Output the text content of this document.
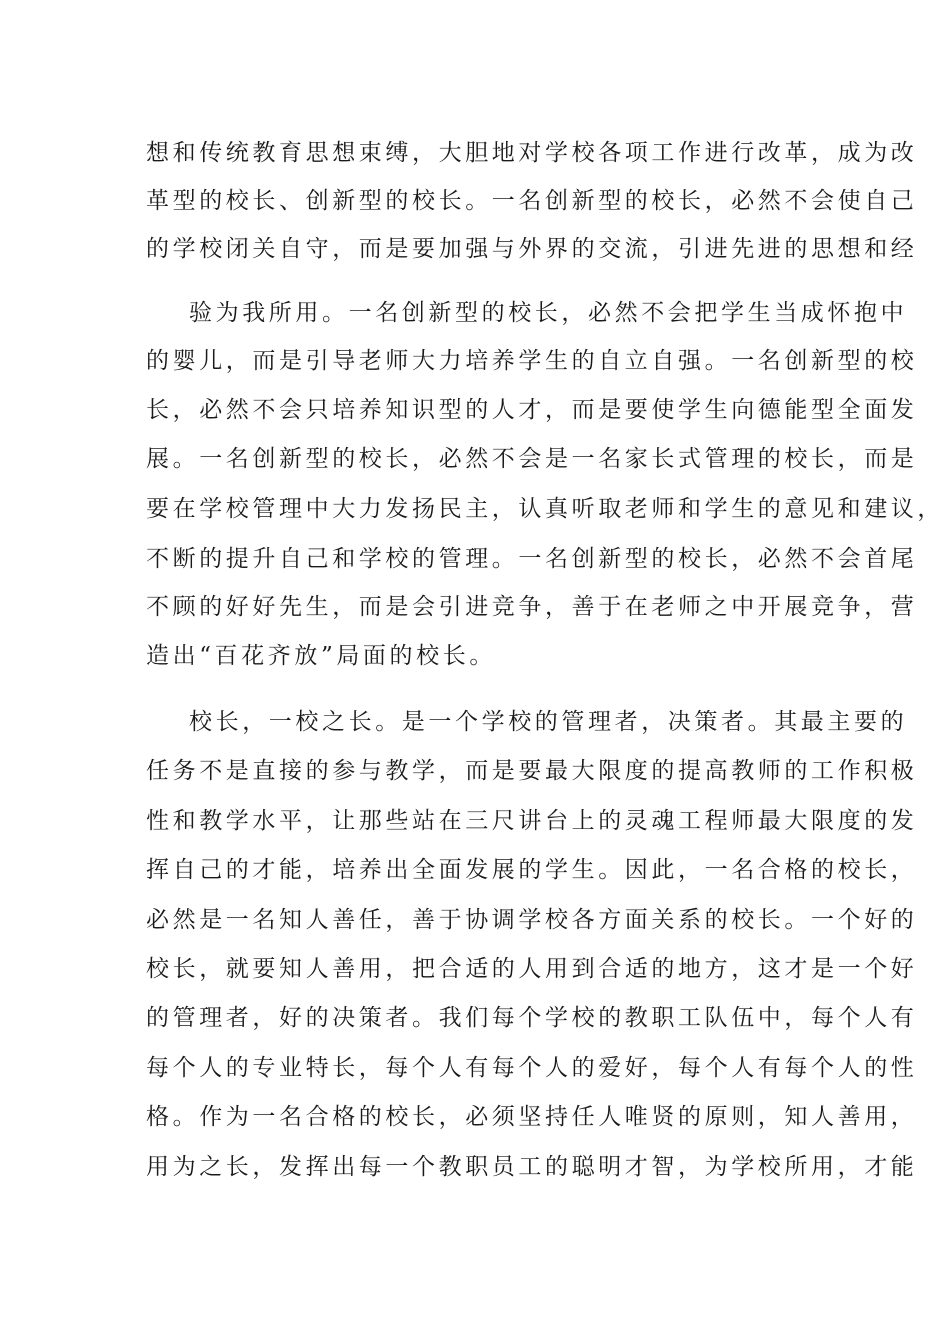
想和传统教育思想束缚，大胆地对学校各项工作进行改革，成为改
革型的校长、创新型的校长。一名创新型的校长，必然不会使自己
的学校闭关自守，而是要加强与外界的交流，引进先进的思想和经
验为我所用。一名创新型的校长，必然不会把学生当成怀抱中
的婴儿，而是引导老师大力培养学生的自立自强。一名创新型的校
长，必然不会只培养知识型的人才，而是要使学生向德能型全面发
展。一名创新型的校长，必然不会是一名家长式管理的校长，而是
要在学校管理中大力发扬民主，认真听取老师和学生的意见和建议，
不断的提升自己和学校的管理。一名创新型的校长，必然不会首尾
不顾的好好先生，而是会引进竞争，善于在老师之中开展竞争，营
造出“百花齐放”局面的校长。
校长，一校之长。是一个学校的管理者，决策者。其最主要的
任务不是直接的参与教学，而是要最大限度的提高教师的工作积极
性和教学水平，让那些站在三尺讲台上的灵魂工程师最大限度的发
挥自己的才能，培养出全面发展的学生。因此，一名合格的校长，
必然是一名知人善任，善于协调学校各方面关系的校长。一个好的
校长，就要知人善用，把合适的人用到合适的地方，这才是一个好
的管理者，好的决策者。我们每个学校的教职工队伍中，每个人有
每个人的专业特长，每个人有每个人的爱好，每个人有每个人的性
格。作为一名合格的校长，必须坚持任人唯贤的原则，知人善用，
用为之长，发挥出每一个教职员工的聪明才智，为学校所用，才能
